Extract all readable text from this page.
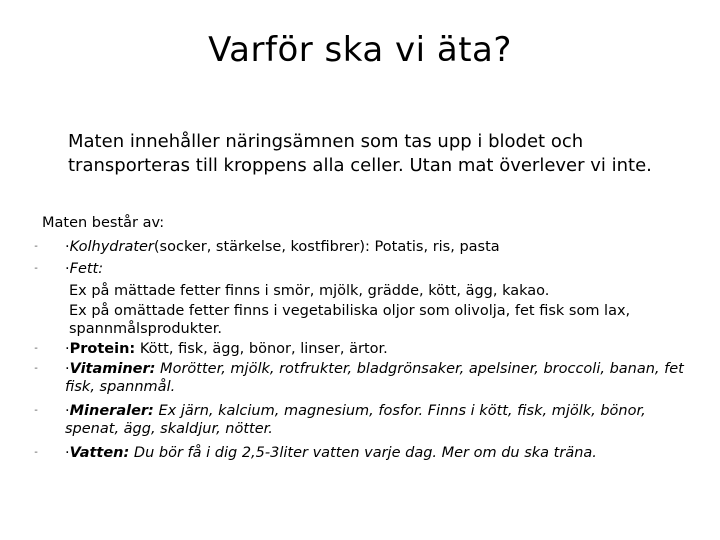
Varför ska vi äta?
Maten innehåller näringsämnen som tas upp i blodet och transporteras till kroppens alla celler. Utan mat överlever vi inte.
Maten består av:
- ·Kolhydrater(socker, stärkelse, kostfibrer): Potatis, ris, pasta
- ·Fett:
Ex på mättade fetter finns i smör, mjölk, grädde, kött, ägg, kakao.
Ex på omättade fetter finns i vegetabiliska oljor som olivolja, fet fisk som lax, spannmålsprodukter.
- ·Protein: Kött, fisk, ägg, bönor, linser, ärtor.
- ·Vitaminer: Morötter, mjölk, rotfrukter, bladgrönsaker, apelsiner, broccoli, banan, fet fisk, spannmål.
- ·Mineraler: Ex järn, kalcium, magnesium, fosfor. Finns i kött, fisk, mjölk, bönor, spenat, ägg, skaldjur, nötter.
- ·Vatten: Du bör få i dig 2,5-3liter vatten varje dag. Mer om du ska träna.
